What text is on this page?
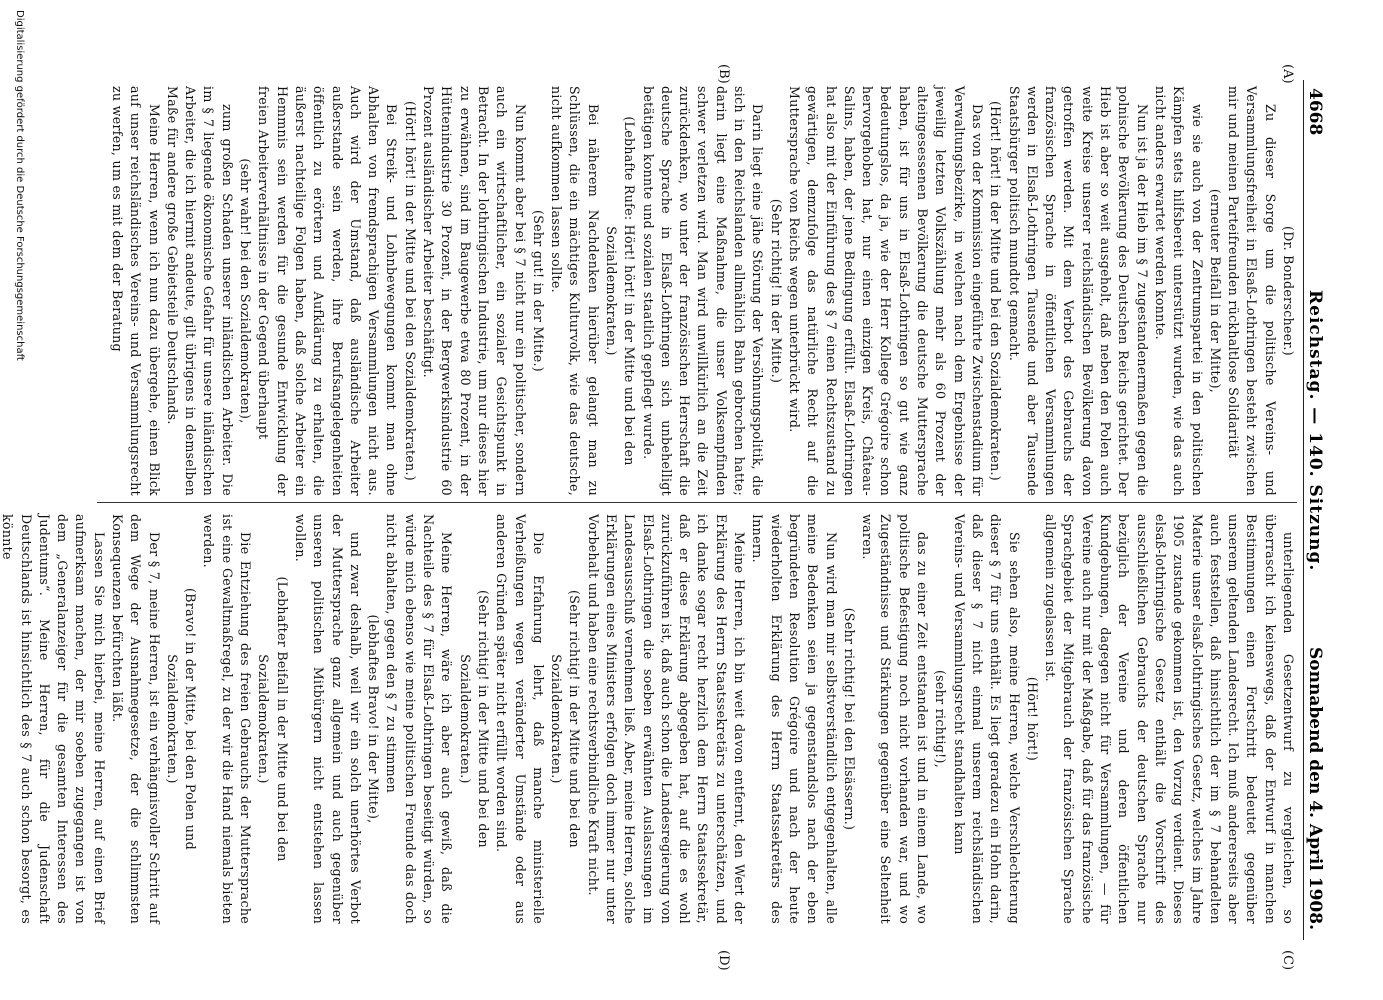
4668
Reichstag. — 140. Sitzung.
Sonnabend den 4. April 1908.
(A)
(B)
(C)
(D)

(Dr. Bonderscheer.)

Zu dieser Sorge um die politische Vereins- und Versammlungsfreiheit in Elsaß-Lothringen besteht zwischen mir und meinen Parteifreunden rückhaltlose Solidarität

(erneuter Beifall in der Mitte),

wie sie auch von der Zentrumspartei in den politischen Kämpfen stets hilfsbereit unterstützt wurden, wie das auch nicht anders erwartet werden konnte.

Nun ist ja der Hieb im § 7 zugestandenermaßen gegen die polnische Bevölkerung des Deutschen Reichs gerichtet. Der Hieb ist aber so weit ausgeholt, daß neben den Polen auch weite Kreise unserer reichsländischen Bevölkerung davon getroffen werden. Mit dem Verbot des Gebrauchs der französischen Sprache in öffentlichen Versammlungen werden in Elsaß-Lothringen Tausende und aber Tausende Staatsbürger politisch mundtot gemacht.

(Hört! hört! in der Mitte und bei den Sozialdemokraten.)

Das von der Kommission eingeführte Zwischenstadium für Verwaltungsbezirke, in welchen nach dem Ergebnisse der jeweilig letzten Volkszählung mehr als 60 Prozent der alteingesessenen Bevölkerung die deutsche Muttersprache haben, ist für uns in Elsaß-Lothringen so gut wie ganz bedeutungslos, da ja, wie der Herr Kollege Grégoire schon hervorgehoben hat, nur einen einzigen Kreis, Château-Salins, haben, der jene Bedingung erfüllt. Elsaß-Lothringen hat also mit der Einführung des § 7 einen Rechtszustand zu gewärtigen, demzufolge das natürliche Recht auf die Muttersprache von Reichs wegen unterbrückt wird.

(Sehr richtig! in der Mitte.)

Darin liegt eine jähe Störung der Versöhnungspolitik, die sich in den Reichslanden allmählich Bahn gebrochen hatte; darin liegt eine Maßnahme, die unser Volksempfinden schwer verletzen wird. Man wird unwillkürlich an die Zeit zurückdenken, wo unter der französischen Herrschaft die deutsche Sprache in Elsaß-Lothringen sich unbehelligt betätigen konnte und sozialen staatlich gepflegt wurde.

(Lebhafte Rufe: Hört! hört! in der Mitte und bei den Sozialdemokraten.)

Bei näherem Nachdenken hierüber gelangt man zu Schlüssen, die ein mächtiges Kulturvolk, wie das deutsche, nicht aufkommen lassen sollte.

(Sehr gut! in der Mitte.)

Nun kommt aber bei § 7 nicht nur ein politischer, sondern auch ein wirtschaftlicher, ein sozialer Gesichtspunkt in Betracht. In der lothringischen Industrie, um nur dieses hier zu erwähnen, sind im Baugewerbe etwa 80 Prozent, in der Hüttenindustrie 30 Prozent, in der Bergwerksindustrie 60 Prozent ausländischer Arbeiter beschäftigt.

(Hört! hört! in der Mitte und bei den Sozialdemokraten.)

Bei Streik- und Lohnbewegungen kommt man ohne Abhalten von fremdsprachigen Versammlungen nicht aus. Auch wird der Umstand, daß ausländische Arbeiter außerstande sein werden, ihre Berufsangelegenheiten öffentlich zu erörtern und Aufklärung zu erhalten, die äußerst nachteilige Folgen haben, daß solche Arbeiter ein Hemmnis sein werden für die gesunde Entwicklung der freien Arbeiterverhältnisse in der Gegend überhaupt

(sehr wahr! bei den Sozialdemokraten),

zum großen Schaden unserer inländischen Arbeiter. Die im § 7 liegende ökonomische Gefahr für unsere inländischen Arbeiter, die ich hiermit andeute, gilt übrigens in demselben Maße für andere große Gebietsteile Deutschlands.

Meine Herren, wenn ich nun dazu übergehe, einen Blick auf unser reichsländisches Vereins- und Versammlungsrecht zu werfen, um es mit dem der Beratung

unterliegenden Gesetzentwurf zu vergleichen, so überrascht ich keineswegs, daß der Entwurf in manchen Bestimmungen einen Fortschritt bedeutet gegenüber unserem geltenden Landesrecht. Ich muß andererseits aber auch feststellen, daß hinsichtlich der im § 7 behandelten Materie unser elsaß-lothringisches Gesetz, welches im Jahre 1905 zustande gekommen ist, den Vorzug verdient. Dieses elsaß-lothringische Gesetz enthält die Vorschrift des ausschließlichen Gebrauchs der deutschen Sprache nur bezüglich der Vereine und deren öffentlichen Kundgebungen, dagegen nicht für Versammlungen, — für Vereine auch nur mit der Maßgabe, daß für das französische Sprachgebiet der Mitgebrauch der französischen Sprache allgemein zugelassen ist.

(Hört! hört!)

Sie sehen also, meine Herren, welche Verschlechterung dieser § 7 für uns enthält. Es liegt geradezu ein Hohn darin, daß dieser § 7 nicht einmal unserem reichsländischen Vereins- und Versammlungsrecht standhalten kann

(sehr richtig!),

das zu einer Zeit entstanden ist und in einem Lande, wo politische Befestigung noch nicht vorhanden war, und wo Zugeständnisse und Stärkungen gegenüber eine Seltenheit waren.

(Sehr richtig! bei den Elsässern.)

Nun wird man mir selbstverständlich entgegenhalten, alle meine Bedenken seien ja gegenstandslos nach der eben begründeten Resolution Grégoire und nach der heute wiederholten Erklärung des Herrn Staatssekretärs des Innern.

Meine Herren, ich bin weit davon entfernt, den Wert der Erklärung des Herrn Staatssekretärs zu unterschätzen, und ich danke sogar recht herzlich dem Herrn Staatssekretär, daß er diese Erklärung abgegeben hat, auf die es wohl zurückzuführen ist, daß auch schon die Landesregierung von Elsaß-Lothringen die soeben erwähnten Auslassungen im Landesausschuß vernehmen ließ. Aber, meine Herren, solche Erklärungen eines Ministers erfolgen doch immer nur unter Vorbehalt und haben eine rechtsverbindliche Kraft nicht.

(Sehr richtig! in der Mitte und bei den Sozialdemokraten.)

Die Erfahrung lehrt, daß manche ministerielle Verheißungen wegen veränderter Umstände oder aus anderen Gründen später nicht erfüllt worden sind.

(Sehr richtig! in der Mitte und bei den Sozialdemokraten.)

Meine Herren, wäre ich aber auch gewiß, daß die Nachteile des § 7 für Elsaß-Lothringen beseitigt würden, so würde mich ebenso wie meine politischen Freunde das doch nicht abhalten, gegen den § 7 zu stimmen

(lebhaftes Bravo! in der Mitte),

und zwar deshalb, weil wir ein solch unerhörtes Verbot der Muttersprache ganz allgemein und auch gegenüber unseren politischen Mitbürgern nicht entstehen lassen wollen.

(Lebhafter Beifall in der Mitte und bei den Sozialdemokraten.)

Die Entziehung des freien Gebrauchs der Muttersprache ist eine Gewaltmaßregel, zu der wir die Hand niemals bieten werden.

(Bravo! in der Mitte, bei den Polen und Sozialdemokraten.)

Der § 7, meine Herren, ist ein verhängnisvoller Schritt auf dem Wege der Ausnahmegesetze, der die schlimmsten Konsequenzen befürchten läßt.

Lassen Sie mich hierbei, meine Herren, auf einen Brief aufmerksam machen, der mir soeben zugegangen ist von dem „Generalanzeiger für die gesamten Interessen des Judentums“. Meine Herren, für die Judenschaft Deutschlands ist hinsichtlich des § 7 auch schon besorgt, es könnte

Digitalisierung gefördert durch die Deutsche Forschungsgemeinschaft
